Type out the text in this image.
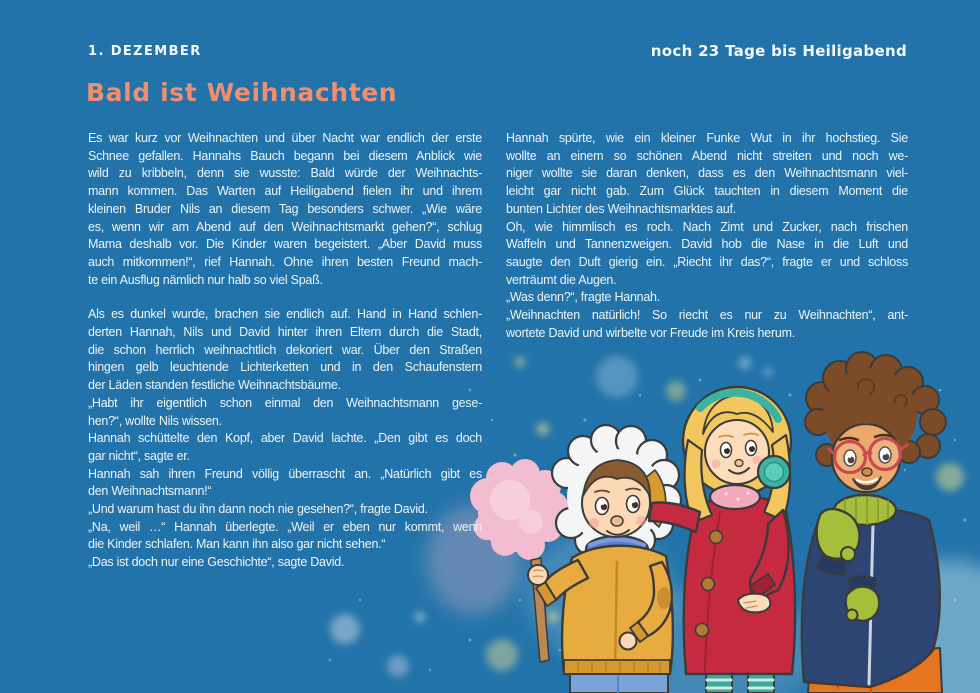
1. DEZEMBER	noch 23 Tage bis Heiligabend
Bald ist Weihnachten
Es war kurz vor Weihnachten und über Nacht war endlich der erste
Schnee gefallen. Hannahs Bauch begann bei diesem Anblick wie
wild zu kribbeln, denn sie wusste: Bald würde der Weihnachts-
mann kommen. Das Warten auf Heiligabend fielen ihr und ihrem
kleinen Bruder Nils an diesem Tag besonders schwer. „Wie wäre
es, wenn wir am Abend auf den Weihnachtsmarkt gehen?“, schlug
Mama deshalb vor. Die Kinder waren begeistert. „Aber David muss
auch mitkommen!“, rief Hannah. Ohne ihren besten Freund mach-
te ein Ausflug nämlich nur halb so viel Spaß.
Als es dunkel wurde, brachen sie endlich auf. Hand in Hand schlen-
derten Hannah, Nils und David hinter ihren Eltern durch die Stadt,
die schon herrlich weihnachtlich dekoriert war. Über den Straßen
hingen gelb leuchtende Lichterketten und in den Schaufenstern
der Läden standen festliche Weihnachtsbäume.
„Habt ihr eigentlich schon einmal den Weihnachtsmann gese-
hen?“, wollte Nils wissen.
Hannah schüttelte den Kopf, aber David lachte. „Den gibt es doch
gar nicht“, sagte er.
Hannah sah ihren Freund völlig überrascht an. „Natürlich gibt es
den Weihnachtsmann!“
„Und warum hast du ihn dann noch nie gesehen?“, fragte David.
„Na, weil …“ Hannah überlegte. „Weil er eben nur kommt, wenn
die Kinder schlafen. Man kann ihn also gar nicht sehen.“
„Das ist doch nur eine Geschichte“, sagte David.
Hannah spürte, wie ein kleiner Funke Wut in ihr hochstieg. Sie
wollte an einem so schönen Abend nicht streiten und noch we-
niger wollte sie daran denken, dass es den Weihnachtsmann viel-
leicht gar nicht gab. Zum Glück tauchten in diesem Moment die
bunten Lichter des Weihnachtsmarktes auf.
Oh, wie himmlisch es roch. Nach Zimt und Zucker, nach frischen
Waffeln und Tannenzweigen. David hob die Nase in die Luft und
saugte den Duft gierig ein. „Riecht ihr das?“, fragte er und schloss
verträumt die Augen.
„Was denn?“, fragte Hannah.
„Weihnachten natürlich! So riecht es nur zu Weihnachten“, ant-
wortete David und wirbelte vor Freude im Kreis herum.
